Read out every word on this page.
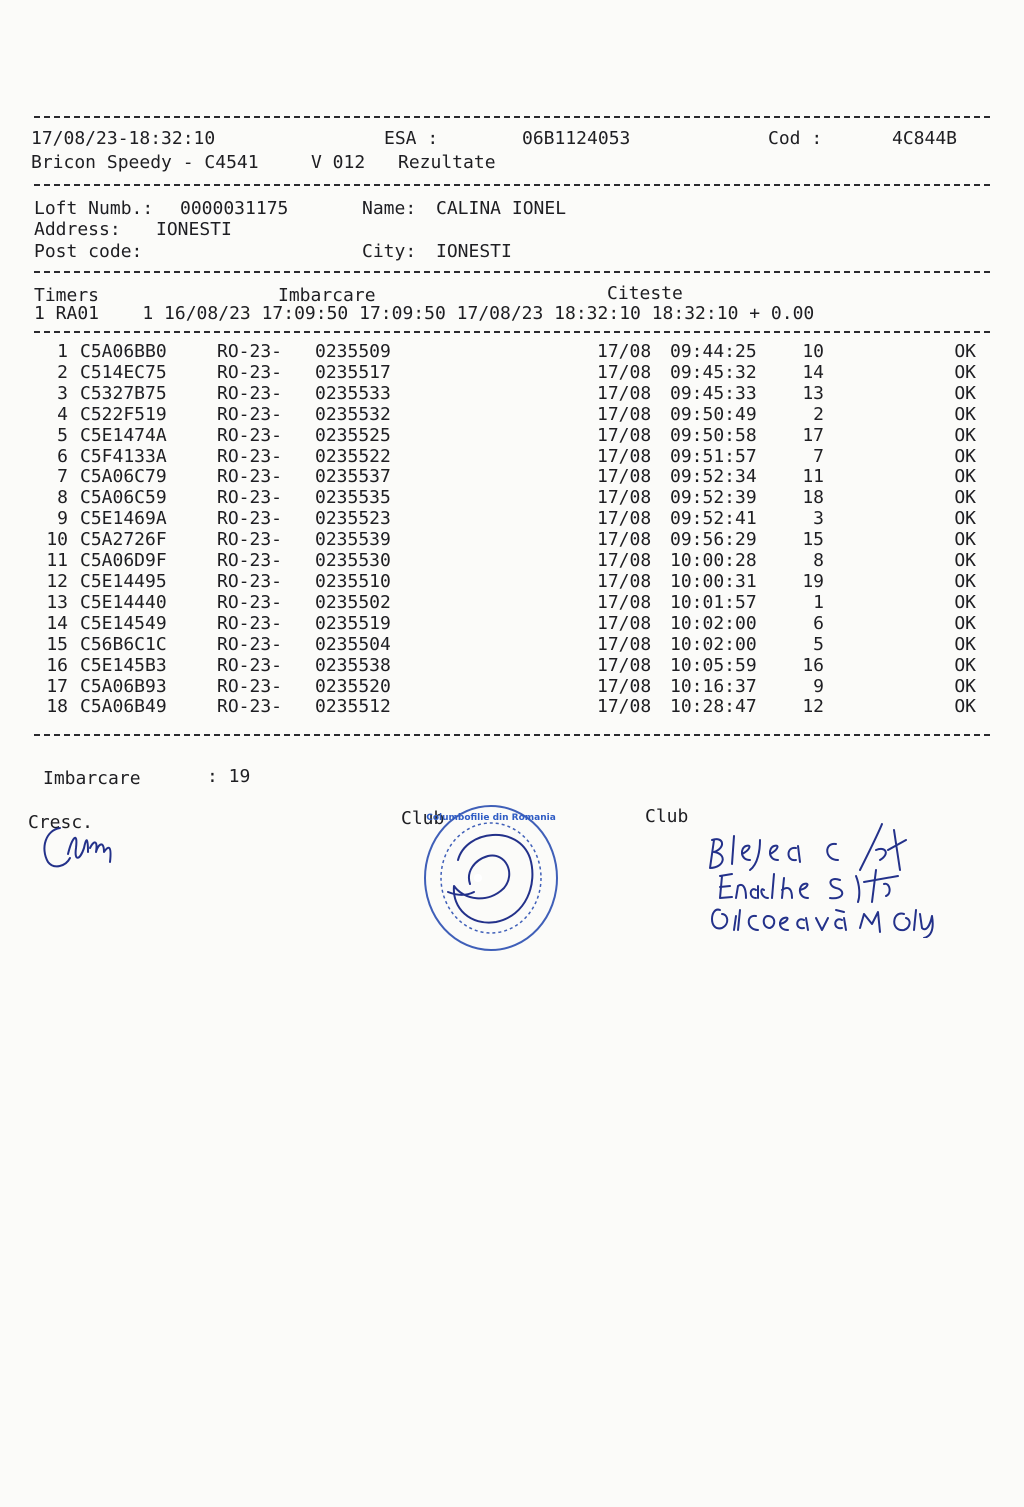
17/08/23-18:32:10	ESA :	06B1124053	Cod :	4C844B
Bricon Speedy - C4541	V 012 Rezultate
Loft Numb.: 0000031175	Name: CALINA IONEL
Address: IONESTI
Post code:	City: IONESTI
Timers	Imbarcare	Citeste
1 RA01    1 16/08/23 17:09:50 17:09:50 17/08/23 18:32:10 18:32:10 + 0.00
1	C5A06BB0	RO-23-	0235509	17/08	09:44:25	10	OK
2	C514EC75	RO-23-	0235517	17/08	09:45:32	14	OK
3	C5327B75	RO-23-	0235533	17/08	09:45:33	13	OK
4	C522F519	RO-23-	0235532	17/08	09:50:49	2	OK
5	C5E1474A	RO-23-	0235525	17/08	09:50:58	17	OK
6	C5F4133A	RO-23-	0235522	17/08	09:51:57	7	OK
7	C5A06C79	RO-23-	0235537	17/08	09:52:34	11	OK
8	C5A06C59	RO-23-	0235535	17/08	09:52:39	18	OK
9	C5E1469A	RO-23-	0235523	17/08	09:52:41	3	OK
10	C5A2726F	RO-23-	0235539	17/08	09:56:29	15	OK
11	C5A06D9F	RO-23-	0235530	17/08	10:00:28	8	OK
12	C5E14495	RO-23-	0235510	17/08	10:00:31	19	OK
13	C5E14440	RO-23-	0235502	17/08	10:01:57	1	OK
14	C5E14549	RO-23-	0235519	17/08	10:02:00	6	OK
15	C56B6C1C	RO-23-	0235504	17/08	10:02:00	5	OK
16	C5E145B3	RO-23-	0235538	17/08	10:05:59	16	OK
17	C5A06B93	RO-23-	0235520	17/08	10:16:37	9	OK
18	C5A06B49	RO-23-	0235512	17/08	10:28:47	12	OK
Imbarcare	: 19
Cresc.	Club	Club
Columbofilie din Romania
